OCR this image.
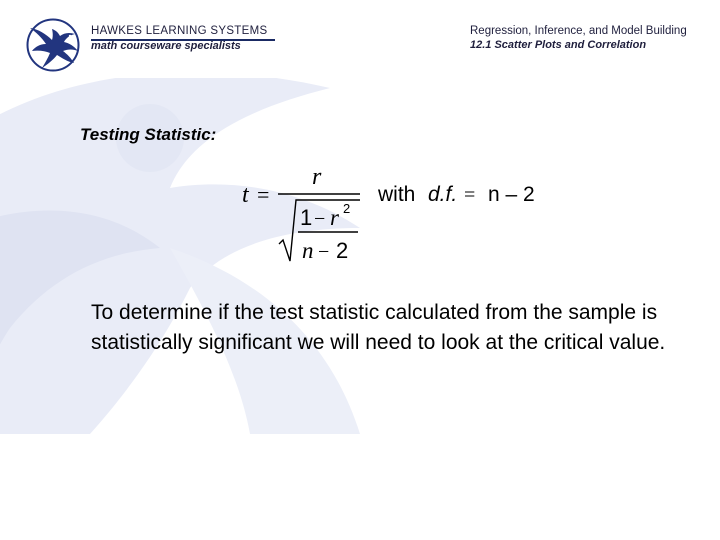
HAWKES LEARNING SYSTEMS
math courseware specialists
Regression, Inference, and Model Building
12.1 Scatter Plots and Correlation
Testing Statistic:
t =
r
1 − r 2
n − 2
with d.f. = n – 2
To determine if the test statistic calculated from the sample is statistically significant we will need to look at the critical value.
